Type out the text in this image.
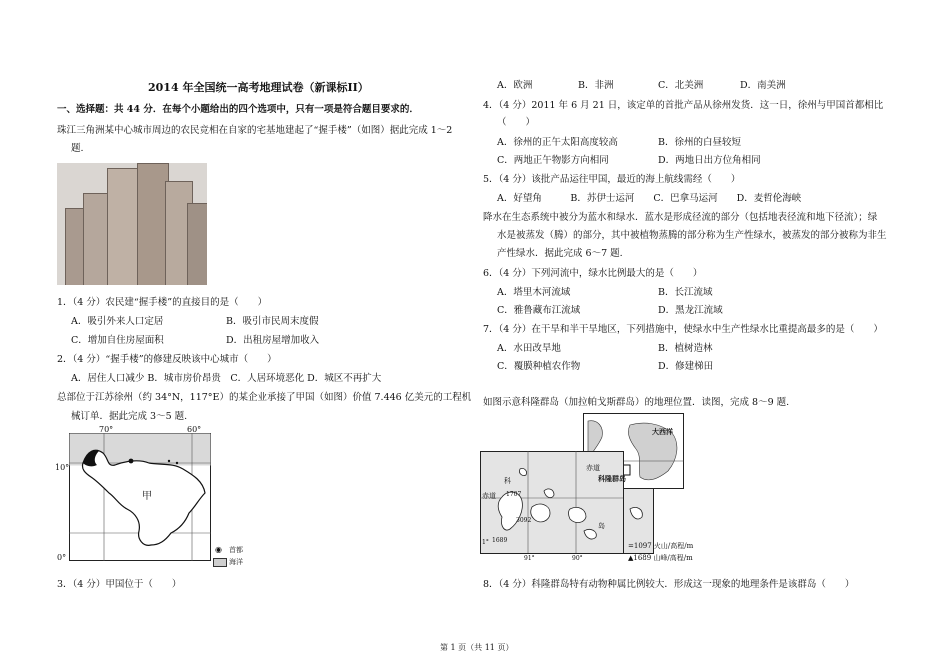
2014 年全国统一高考地理试卷（新课标II）
一、选择题：共 44 分．在每个小题给出的四个选项中，只有一项是符合题目要求的．
珠江三角洲某中心城市周边的农民竞相在自家的宅基地建起了“握手楼”（如图）据此完成 1～2
题.
1．（4 分）农民建“握手楼”的直接目的是（　　）
A．吸引外来人口定居	B．吸引市民周末度假
C．增加自住房屋面积	D．出租房屋增加收入
2．（4 分）“握手楼”的修建反映该中心城市（　　）
A．居住人口减少 B．城市房价昂贵　C．人居环境恶化 D．城区不再扩大
总部位于江苏徐州（约 34°N，117°E）的某企业承接了甲国（如图）价值 7.446 亿美元的工程机
械订单．据此完成 3～5 题.
70°	60°
10°
0°
甲
◉ 首都
海洋
3．（4 分）甲国位于（　　）
A．欧洲	B．非洲	C．北美洲	D．南美洲
4．（4 分）2011 年 6 月 21 日，该定单的首批产品从徐州发货．这一日，徐州与甲国首都相比
（　　）
A．徐州的正午太阳高度较高	B．徐州的白昼较短
C．两地正午物影方向相同	D．两地日出方位角相同
5．（4 分）该批产品运往甲国，最近的海上航线需经（　　）
A．好望角　　　B．苏伊士运河　　C．巴拿马运河　　D．麦哲伦海峡
降水在生态系统中被分为蓝水和绿水．蓝水是形成径流的部分（包括地表径流和地下径流）；绿
水是被蒸发（腾）的部分，其中被植物蒸腾的部分称为生产性绿水，被蒸发的部分被称为非生
产性绿水．据此完成 6～7 题.
6．（4 分）下列河流中，绿水比例最大的是（　　）
A．塔里木河流域	B．长江流域
C．雅鲁藏布江流域	D．黑龙江流域
7．（4 分）在干旱和半干旱地区，下列措施中，使绿水中生产性绿水比重提高最多的是（　　）
A．水田改旱地	B．植树造林
C．覆膜种植农作物	D．修建梯田
如图示意科隆群岛（加拉帕戈斯群岛）的地理位置．读图，完成 8～9 题.
大西洋
赤道
科隆群岛
赤道
科
1707
3092
1689
岛
1°
91°	90°
=1097 火山/高程/m
▲1689 山峰/高程/m
8．（4 分）科隆群岛特有动物种属比例较大．形成这一现象的地理条件是该群岛（　　）
第 1 页（共 11 页）
